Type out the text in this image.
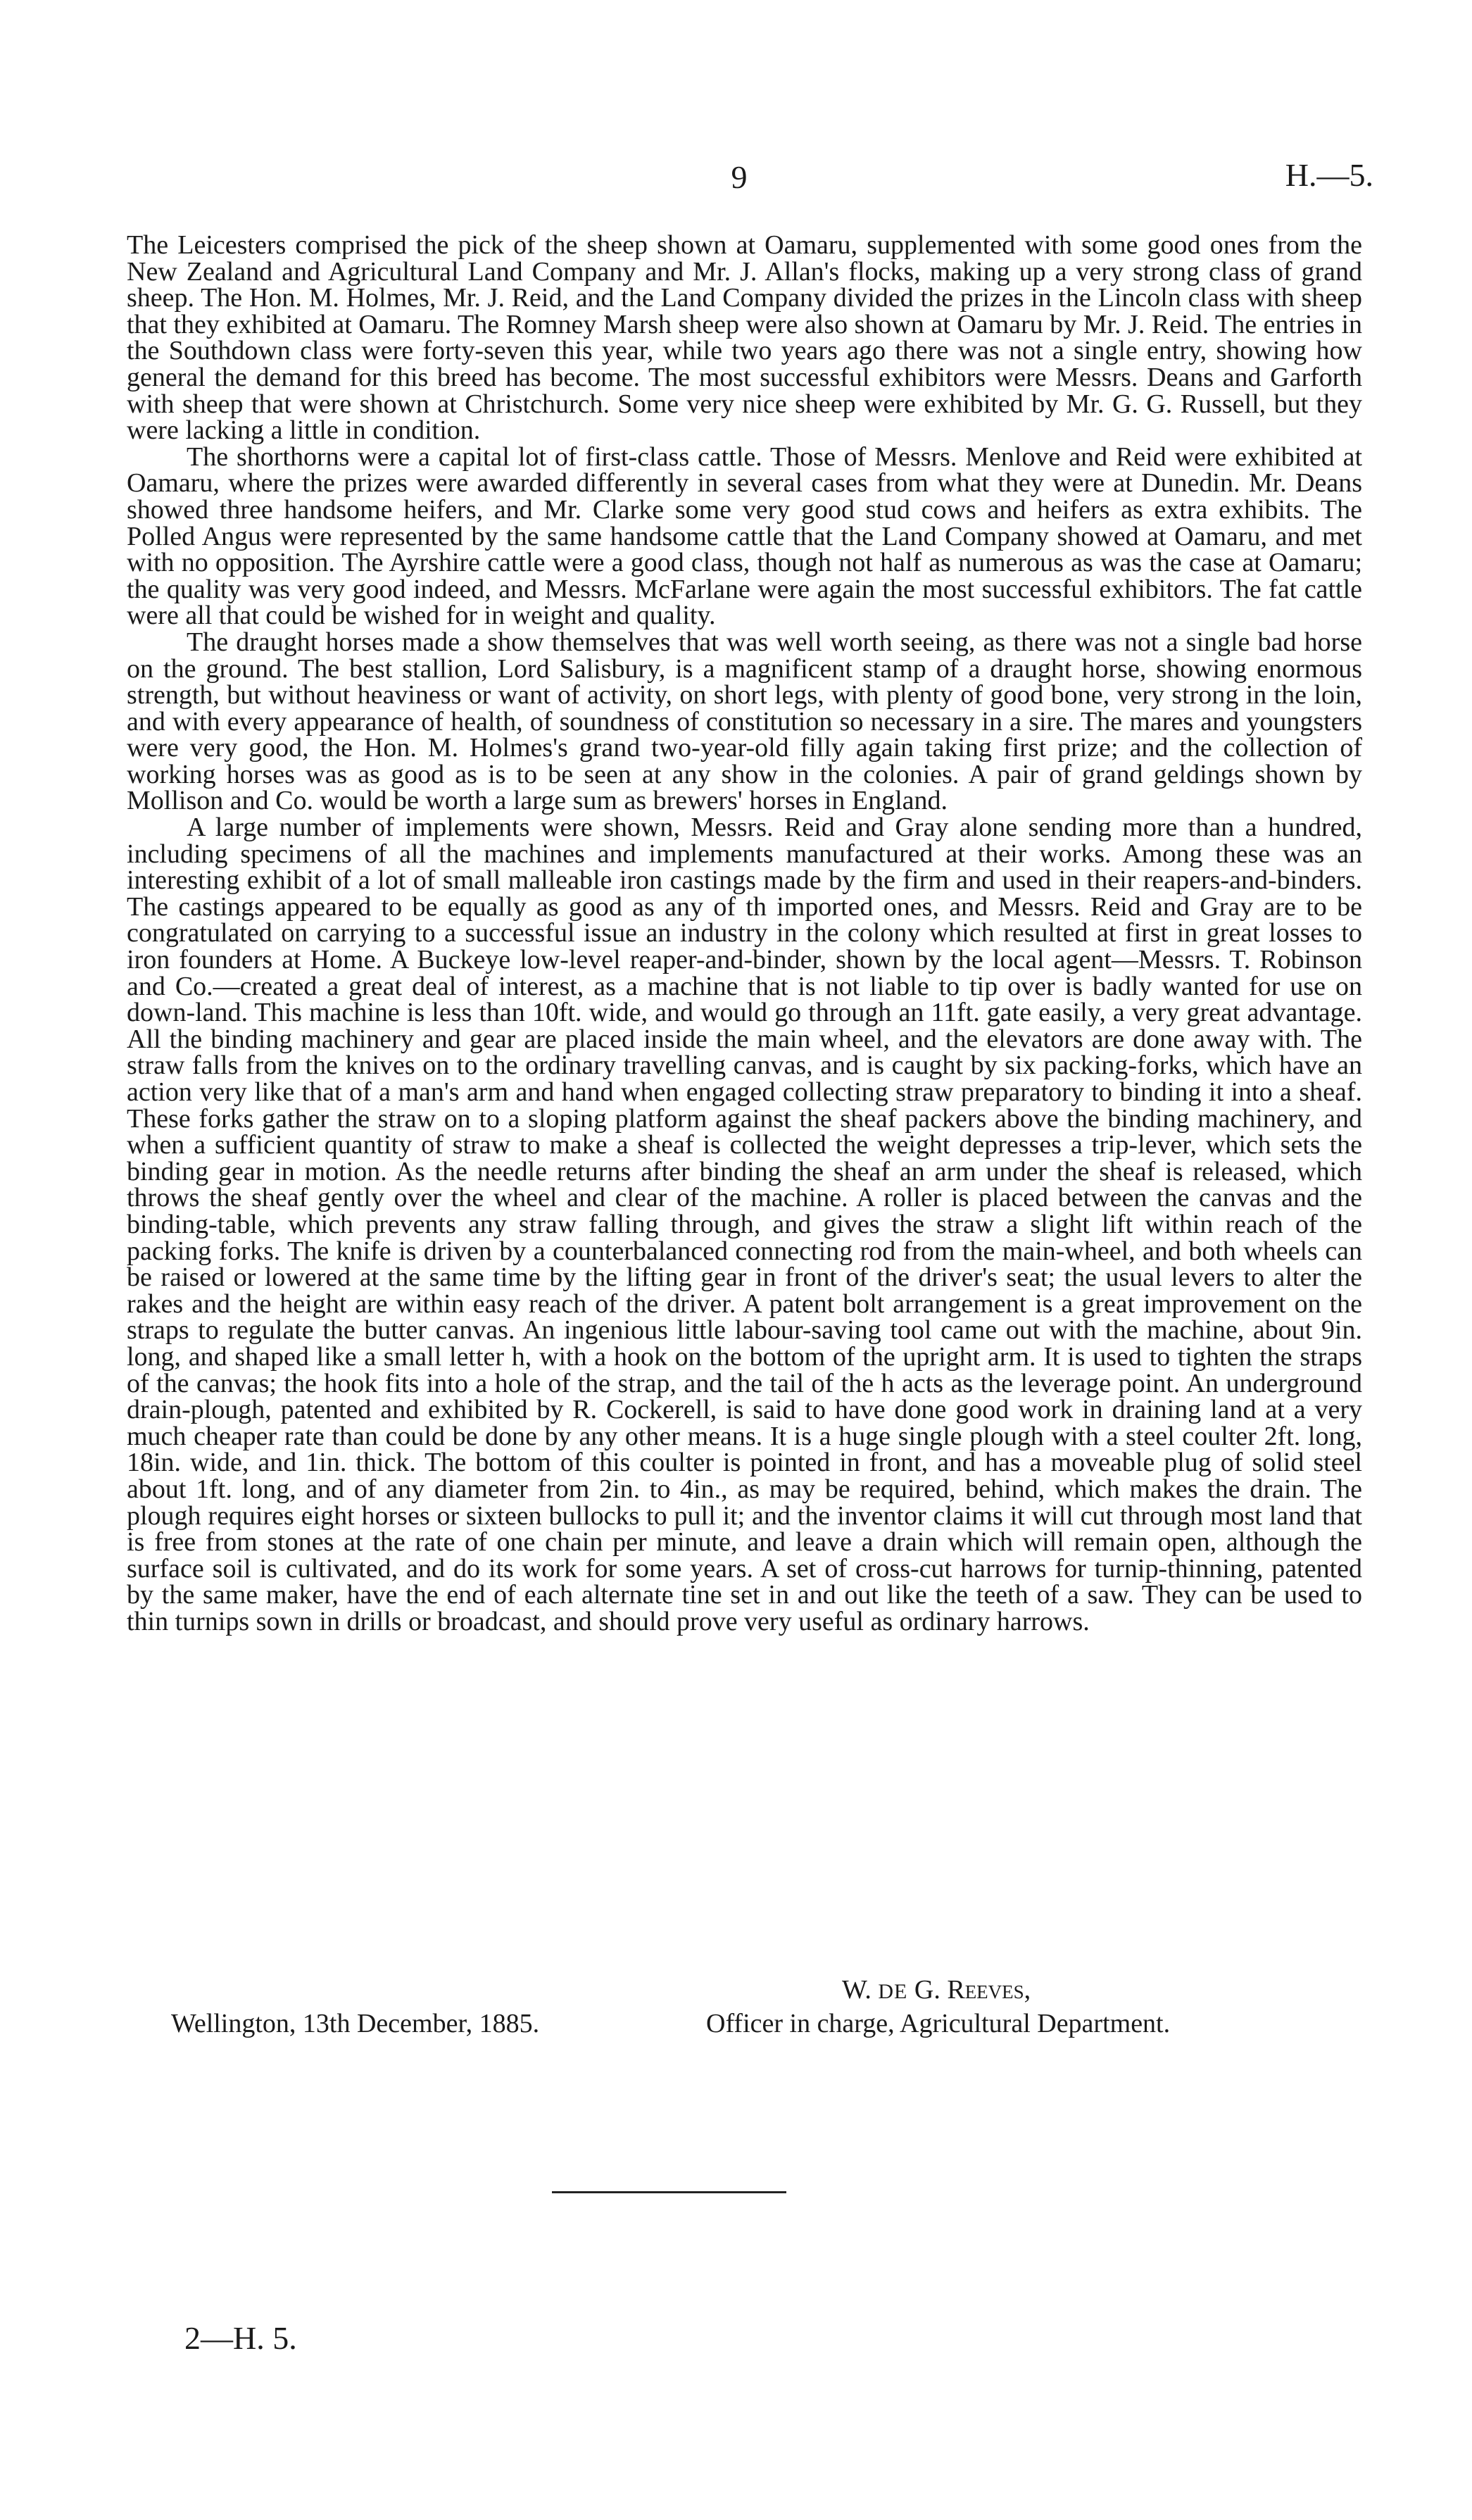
9	H.—5.

The Leicesters comprised the pick of the sheep shown at Oamaru, supplemented with some good ones from the New Zealand and Agricultural Land Company and Mr. J. Allan's flocks, making up a very strong class of grand sheep. The Hon. M. Holmes, Mr. J. Reid, and the Land Company divided the prizes in the Lincoln class with sheep that they exhibited at Oamaru. The Romney Marsh sheep were also shown at Oamaru by Mr. J. Reid. The entries in the Southdown class were forty-seven this year, while two years ago there was not a single entry, showing how general the demand for this breed has become. The most successful exhibitors were Messrs. Deans and Garforth with sheep that were shown at Christchurch. Some very nice sheep were exhibited by Mr. G. G. Russell, but they were lacking a little in condition.

The shorthorns were a capital lot of first-class cattle. Those of Messrs. Menlove and Reid were exhibited at Oamaru, where the prizes were awarded differently in several cases from what they were at Dunedin. Mr. Deans showed three handsome heifers, and Mr. Clarke some very good stud cows and heifers as extra exhibits. The Polled Angus were represented by the same handsome cattle that the Land Company showed at Oamaru, and met with no opposition. The Ayrshire cattle were a good class, though not half as numerous as was the case at Oamaru; the quality was very good indeed, and Messrs. McFarlane were again the most successful exhibitors. The fat cattle were all that could be wished for in weight and quality.

The draught horses made a show themselves that was well worth seeing, as there was not a single bad horse on the ground. The best stallion, Lord Salisbury, is a magnificent stamp of a draught horse, showing enormous strength, but without heaviness or want of activity, on short legs, with plenty of good bone, very strong in the loin, and with every appearance of health, of soundness of constitution so necessary in a sire. The mares and youngsters were very good, the Hon. M. Holmes's grand two-year-old filly again taking first prize; and the collection of working horses was as good as is to be seen at any show in the colonies. A pair of grand geldings shown by Mollison and Co. would be worth a large sum as brewers' horses in England.

A large number of implements were shown, Messrs. Reid and Gray alone sending more than a hundred, including specimens of all the machines and implements manufactured at their works. Among these was an interesting exhibit of a lot of small malleable iron castings made by the firm and used in their reapers-and-binders. The castings appeared to be equally as good as any of th imported ones, and Messrs. Reid and Gray are to be congratulated on carrying to a successful issue an industry in the colony which resulted at first in great losses to iron founders at Home. A Buckeye low-level reaper-and-binder, shown by the local agent—Messrs. T. Robinson and Co.—created a great deal of interest, as a machine that is not liable to tip over is badly wanted for use on down-land. This machine is less than 10ft. wide, and would go through an 11ft. gate easily, a very great advantage. All the binding machinery and gear are placed inside the main wheel, and the elevators are done away with. The straw falls from the knives on to the ordinary travelling canvas, and is caught by six packing-forks, which have an action very like that of a man's arm and hand when engaged collecting straw preparatory to binding it into a sheaf. These forks gather the straw on to a sloping platform against the sheaf packers above the binding machinery, and when a sufficient quantity of straw to make a sheaf is collected the weight depresses a trip-lever, which sets the binding gear in motion. As the needle returns after binding the sheaf an arm under the sheaf is released, which throws the sheaf gently over the wheel and clear of the machine. A roller is placed between the canvas and the binding-table, which prevents any straw falling through, and gives the straw a slight lift within reach of the packing forks. The knife is driven by a counterbalanced connecting rod from the main-wheel, and both wheels can be raised or lowered at the same time by the lifting gear in front of the driver's seat; the usual levers to alter the rakes and the height are within easy reach of the driver. A patent bolt arrangement is a great improvement on the straps to regulate the butter canvas. An ingenious little labour-saving tool came out with the machine, about 9in. long, and shaped like a small letter h, with a hook on the bottom of the upright arm. It is used to tighten the straps of the canvas; the hook fits into a hole of the strap, and the tail of the h acts as the leverage point. An underground drain-plough, patented and exhibited by R. Cockerell, is said to have done good work in draining land at a very much cheaper rate than could be done by any other means. It is a huge single plough with a steel coulter 2ft. long, 18in. wide, and 1in. thick. The bottom of this coulter is pointed in front, and has a moveable plug of solid steel about 1ft. long, and of any diameter from 2in. to 4in., as may be required, behind, which makes the drain. The plough requires eight horses or sixteen bullocks to pull it; and the inventor claims it will cut through most land that is free from stones at the rate of one chain per minute, and leave a drain which will remain open, although the surface soil is cultivated, and do its work for some years. A set of cross-cut harrows for turnip-thinning, patented by the same maker, have the end of each alternate tine set in and out like the teeth of a saw. They can be used to thin turnips sown in drills or broadcast, and should prove very useful as ordinary harrows.

W. DE G. Reeves,
Wellington, 13th December, 1885.	Officer in charge, Agricultural Department.
2—H. 5.
